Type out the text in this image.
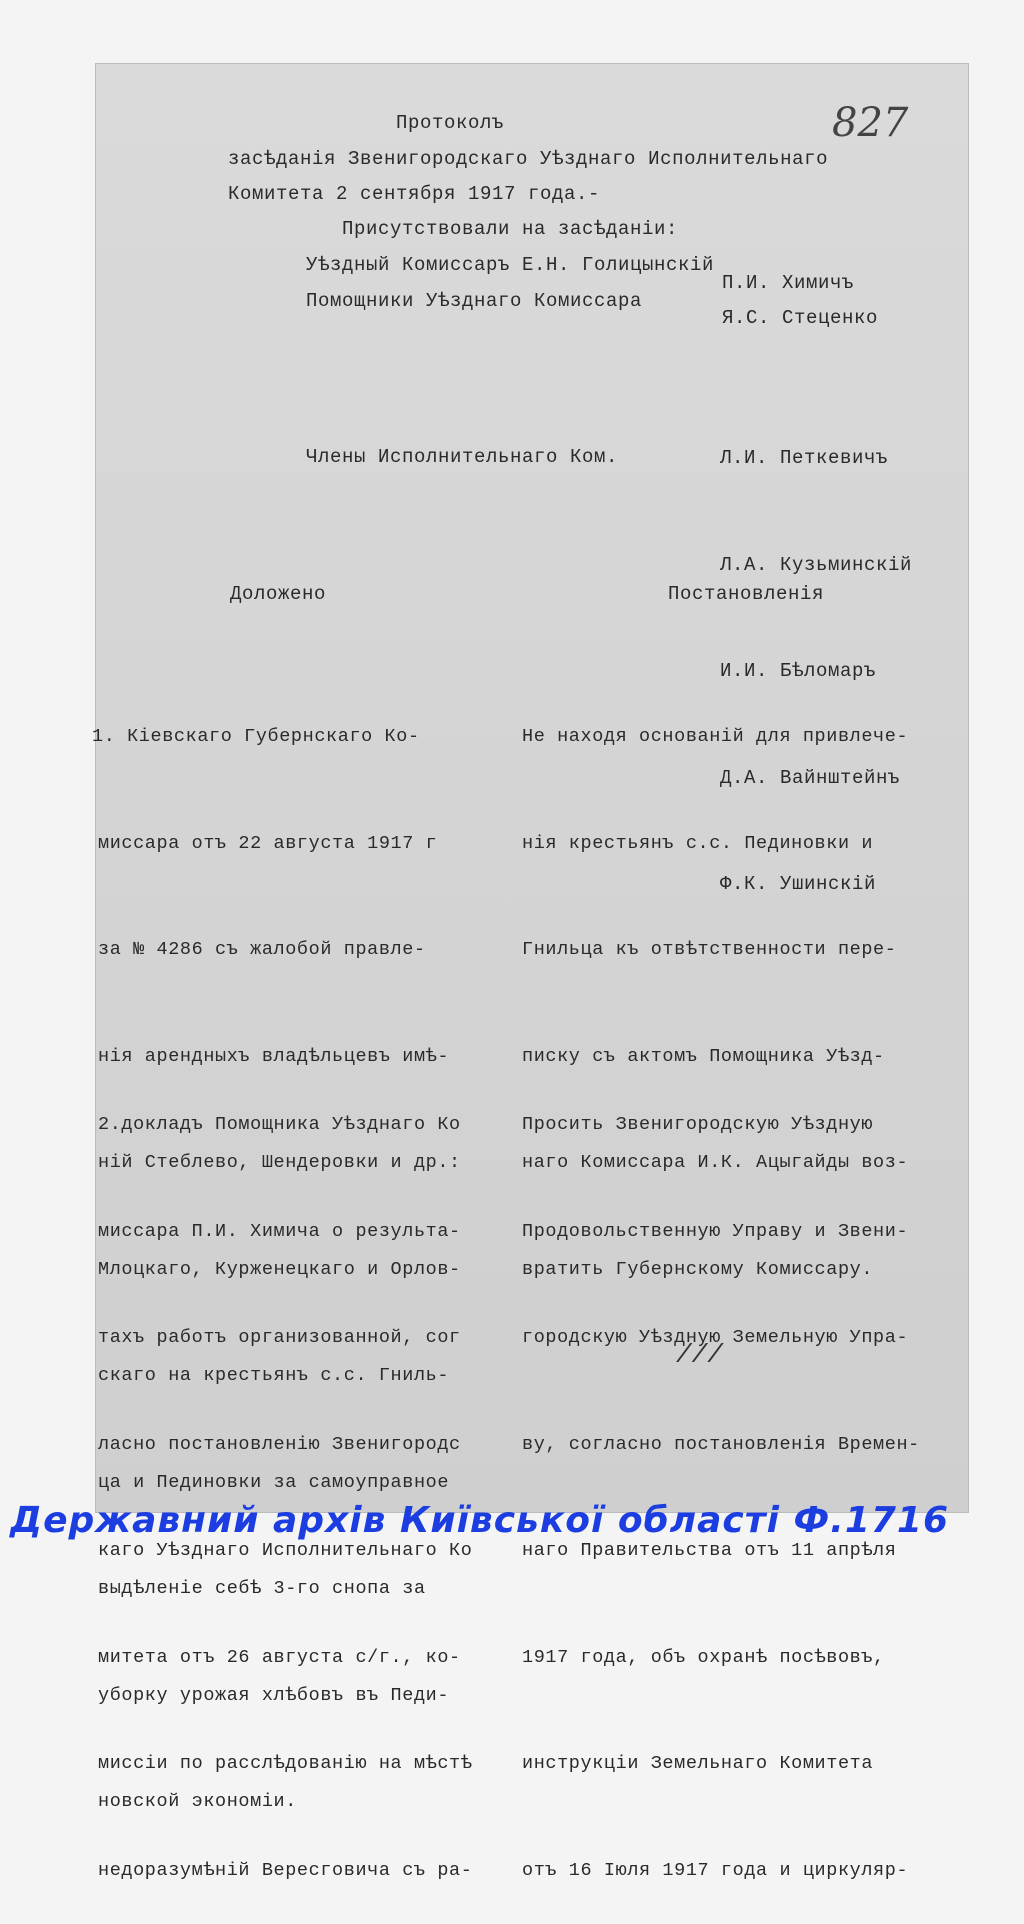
827
Протоколъ
засѣданія Звенигородскаго Уѣзднаго Исполнительнаго
Комитета 2 сентября 1917 года.-
Присутствовали на засѣданіи:
Уѣздный Комиссаръ Е.Н. Голицынскій
Помощники Уѣзднаго Комиссара
П.И. Химичъ
Я.С. Стеценко
Члены Исполнительнаго Ком.

	Л.И. Петкевичъ

Л.А. Кузьминскій

И.И. Бѣломаръ

Д.А. Вайнштейнъ

Ф.К. Ушинскій

Доложено	Постановленія

1. Кіевскаго Губернскаго Ко-

миссара отъ 22 августа 1917 г

за № 4286 съ жалобой правле-

нія арендныхъ владѣльцевъ имѣ-

ній Стеблево, Шендеровки и др.:

Млоцкаго, Курженецкаго и Орлов-

скаго на крестьянъ с.с. Гниль-

ца и Пединовки за самоуправное

выдѣленіе себѣ 3-го снопа за

уборку урожая хлѣбовъ въ Педи-

новской экономіи.

Не находя основаній для привлече-

нія крестьянъ с.с. Пединовки и

Гнильца къ отвѣтственности пере-

писку съ актомъ Помощника Уѣзд-

наго Комиссара И.К. Ацыгайды воз-

вратить Губернскому Комиссару.

2.докладъ Помощника Уѣзднаго Ко

миссара П.И. Химича о результа-

тахъ работъ организованной, сог

ласно постановленію Звенигородс

каго Уѣзднаго Исполнительнаго Ко

митета отъ 26 августа с/г., ко-

миссіи по расслѣдованію на мѣстѣ

недоразумѣній Вересговича съ ра-

Просить Звенигородскую Уѣздную

Продовольственную Управу и Звени-

городскую Уѣздную Земельную Упра-

ву, согласно постановленія Времен-

наго Правительства отъ 11 апрѣля

1917 года, объ охранѣ посѣвовъ,

инструкціи Земельнаго Комитета

отъ 16 Іюля 1917 года и циркуляр-

///
Державний архів Київської області Ф.1716
